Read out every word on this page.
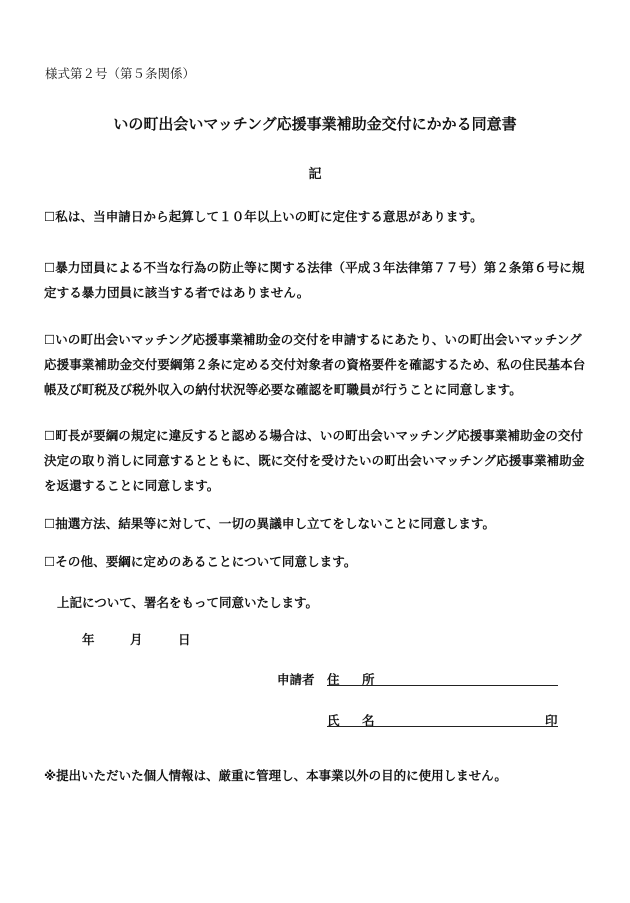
様式第２号（第５条関係）
いの町出会いマッチング応援事業補助金交付にかかる同意書
記
☐私は、当申請日から起算して１０年以上いの町に定住する意思があります。
☐暴力団員による不当な行為の防止等に関する法律（平成３年法律第７７号）第２条第６号に規定する暴力団員に該当する者ではありません。
☐いの町出会いマッチング応援事業補助金の交付を申請するにあたり、いの町出会いマッチング応援事業補助金交付要綱第２条に定める交付対象者の資格要件を確認するため、私の住民基本台帳及び町税及び税外収入の納付状況等必要な確認を町職員が行うことに同意します。
☐町長が要綱の規定に違反すると認める場合は、いの町出会いマッチング応援事業補助金の交付決定の取り消しに同意するとともに、既に交付を受けたいの町出会いマッチング応援事業補助金を返還することに同意します。
☐抽選方法、結果等に対して、一切の異議申し立てをしないことに同意します。
☐その他、要綱に定めのあることについて同意します。
上記について、署名をもって同意いたします。
年	月	日
申請者 住 所
氏 名	印
※提出いただいた個人情報は、厳重に管理し、本事業以外の目的に使用しません。
